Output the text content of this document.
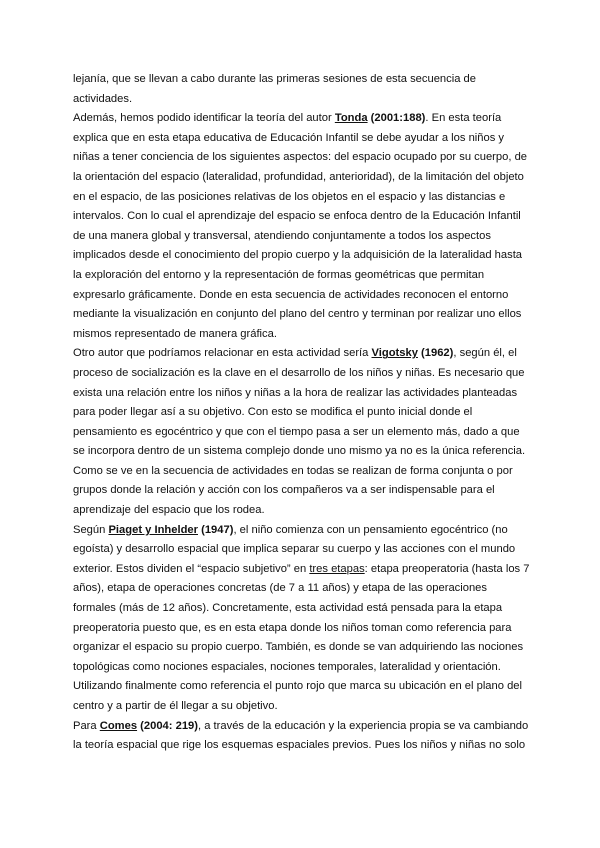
lejanía, que se llevan a cabo durante las primeras sesiones de esta secuencia de
actividades.
Además, hemos podido identificar la teoría del autor Tonda (2001:188). En esta teoría
explica que en esta etapa educativa de Educación Infantil se debe ayudar a los niños y
niñas a tener conciencia de los siguientes aspectos: del espacio ocupado por su cuerpo, de
la orientación del espacio (lateralidad, profundidad, anterioridad), de la limitación del objeto
en el espacio, de las posiciones relativas de los objetos en el espacio y las distancias e
intervalos. Con lo cual el aprendizaje del espacio se enfoca dentro de la Educación Infantil
de una manera global y transversal, atendiendo conjuntamente a todos los aspectos
implicados desde el conocimiento del propio cuerpo y la adquisición de la lateralidad hasta
la exploración del entorno y la representación de formas geométricas que permitan
expresarlo gráficamente. Donde en esta secuencia de actividades reconocen el entorno
mediante la visualización en conjunto del plano del centro y terminan por realizar uno ellos
mismos representado de manera gráfica.
Otro autor que podríamos relacionar en esta actividad sería Vigotsky (1962), según él, el
proceso de socialización es la clave en el desarrollo de los niños y niñas. Es necesario que
exista una relación entre los niños y niñas a la hora de realizar las actividades planteadas
para poder llegar así a su objetivo. Con esto se modifica el punto inicial donde el
pensamiento es egocéntrico y que con el tiempo pasa a ser un elemento más, dado a que
se incorpora dentro de un sistema complejo donde uno mismo ya no es la única referencia.
Como se ve en la secuencia de actividades en todas se realizan de forma conjunta o por
grupos donde la relación y acción con los compañeros va a ser indispensable para el
aprendizaje del espacio que los rodea.
Según Piaget y Inhelder (1947), el niño comienza con un pensamiento egocéntrico (no
egoísta) y desarrollo espacial que implica separar su cuerpo y las acciones con el mundo
exterior. Estos dividen el “espacio subjetivo” en tres etapas: etapa preoperatoria (hasta los 7
años), etapa de operaciones concretas (de 7 a 11 años) y etapa de las operaciones
formales (más de 12 años). Concretamente, esta actividad está pensada para la etapa
preoperatoria puesto que, es en esta etapa donde los niños toman como referencia para
organizar el espacio su propio cuerpo. También, es donde se van adquiriendo las nociones
topológicas como nociones espaciales, nociones temporales, lateralidad y orientación.
Utilizando finalmente como referencia el punto rojo que marca su ubicación en el plano del
centro y a partir de él llegar a su objetivo.
Para Comes (2004: 219), a través de la educación y la experiencia propia se va cambiando
la teoría espacial que rige los esquemas espaciales previos. Pues los niños y niñas no solo
